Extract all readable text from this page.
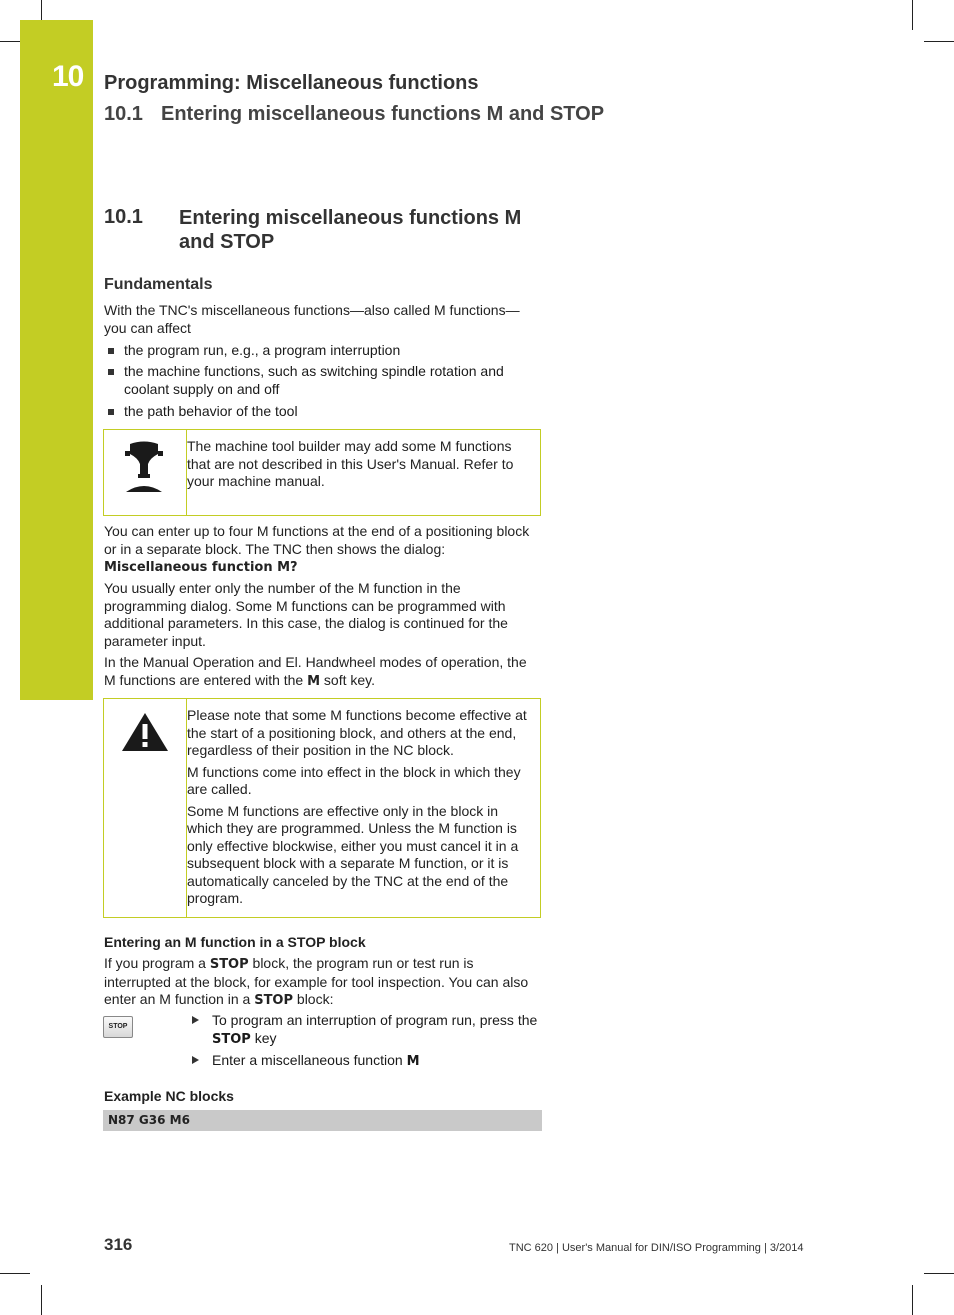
10 Programming: Miscellaneous functions
10.1 Entering miscellaneous functions M and STOP
10.1 Entering miscellaneous functions M and STOP
Fundamentals
With the TNC's miscellaneous functions—also called M functions—you can affect
the program run, e.g., a program interruption
the machine functions, such as switching spindle rotation and coolant supply on and off
the path behavior of the tool
The machine tool builder may add some M functions that are not described in this User's Manual. Refer to your machine manual.
You can enter up to four M functions at the end of a positioning block or in a separate block. The TNC then shows the dialog:
Miscellaneous function M?
You usually enter only the number of the M function in the programming dialog. Some M functions can be programmed with additional parameters. In this case, the dialog is continued for the parameter input.
In the Manual Operation and El. Handwheel modes of operation, the M functions are entered with the M soft key.
Please note that some M functions become effective at the start of a positioning block, and others at the end, regardless of their position in the NC block.
M functions come into effect in the block in which they are called.
Some M functions are effective only in the block in which they are programmed. Unless the M function is only effective blockwise, either you must cancel it in a subsequent block with a separate M function, or it is automatically canceled by the TNC at the end of the program.
Entering an M function in a STOP block
If you program a STOP block, the program run or test run is interrupted at the block, for example for tool inspection. You can also enter an M function in a STOP block:
STOP	To program an interruption of program run, press the STOP key
Enter a miscellaneous function M
Example NC blocks
N87 G36 M6
316	TNC 620 | User's Manual for DIN/ISO Programming | 3/2014
